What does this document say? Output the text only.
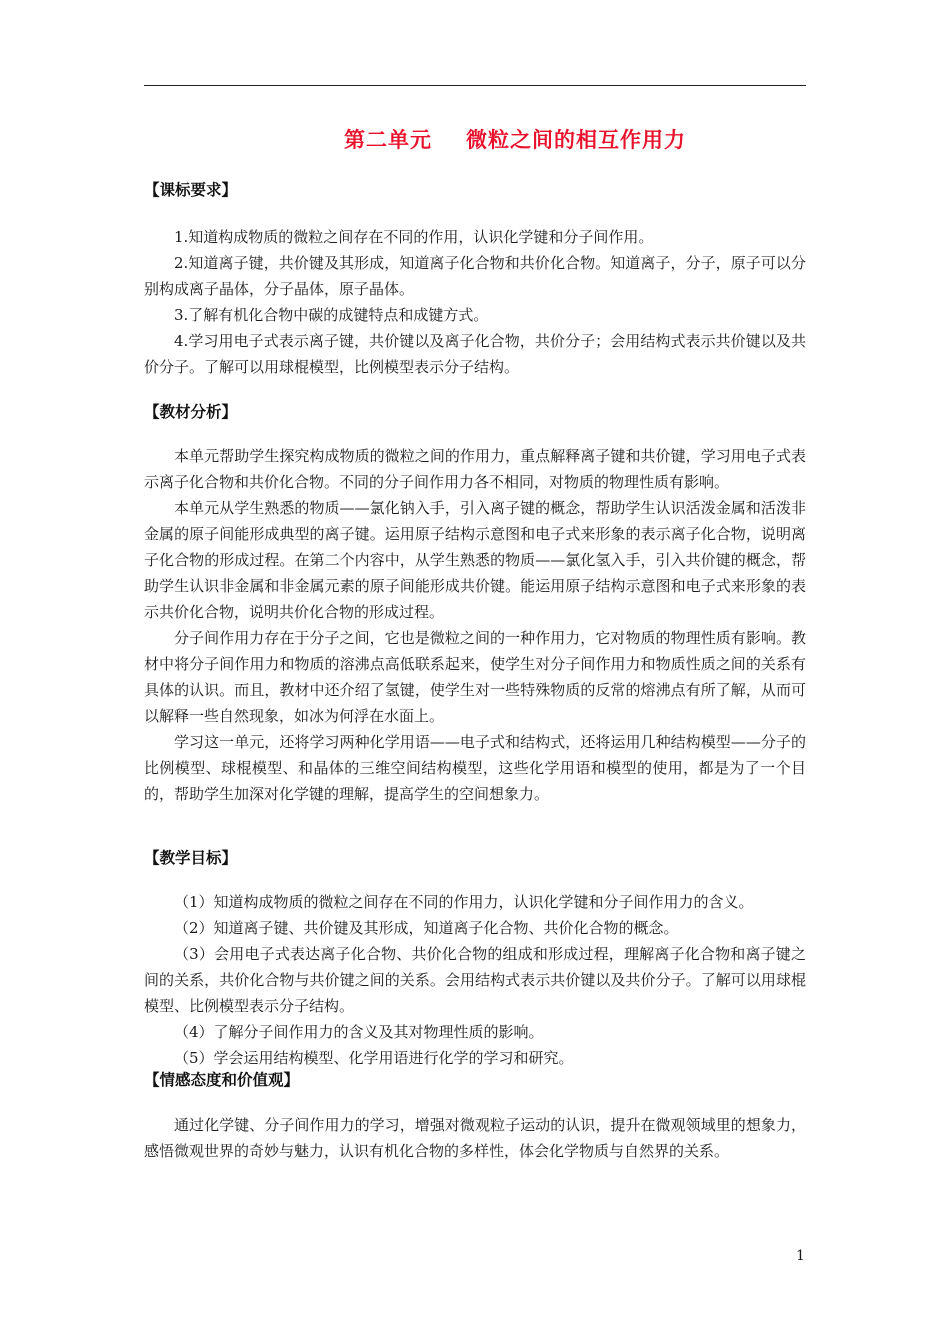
第二单元 微粒之间的相互作用力
【课标要求】

1.知道构成物质的微粒之间存在不同的作用，认识化学键和分子间作用。

2.知道离子键，共价键及其形成，知道离子化合物和共价化合物。知道离子，分子，原子可以分别构成离子晶体，分子晶体，原子晶体。

3.了解有机化合物中碳的成键特点和成键方式。

4.学习用电子式表示离子键，共价键以及离子化合物，共价分子；会用结构式表示共价键以及共价分子。了解可以用球棍模型，比例模型表示分子结构。

【教材分析】

本单元帮助学生探究构成物质的微粒之间的作用力，重点解释离子键和共价键，学习用电子式表示离子化合物和共价化合物。不同的分子间作用力各不相同，对物质的物理性质有影响。

本单元从学生熟悉的物质——氯化钠入手，引入离子键的概念，帮助学生认识活泼金属和活泼非金属的原子间能形成典型的离子键。运用原子结构示意图和电子式来形象的表示离子化合物，说明离子化合物的形成过程。在第二个内容中，从学生熟悉的物质——氯化氢入手，引入共价键的概念，帮助学生认识非金属和非金属元素的原子间能形成共价键。能运用原子结构示意图和电子式来形象的表示共价化合物，说明共价化合物的形成过程。

分子间作用力存在于分子之间，它也是微粒之间的一种作用力，它对物质的物理性质有影响。教材中将分子间作用力和物质的溶沸点高低联系起来，使学生对分子间作用力和物质性质之间的关系有具体的认识。而且，教材中还介绍了氢键，使学生对一些特殊物质的反常的熔沸点有所了解，从而可以解释一些自然现象，如冰为何浮在水面上。

学习这一单元，还将学习两种化学用语——电子式和结构式，还将运用几种结构模型——分子的比例模型、球棍模型、和晶体的三维空间结构模型，这些化学用语和模型的使用，都是为了一个目的，帮助学生加深对化学键的理解，提高学生的空间想象力。

【教学目标】

（1）知道构成物质的微粒之间存在不同的作用力，认识化学键和分子间作用力的含义。

（2）知道离子键、共价键及其形成，知道离子化合物、共价化合物的概念。

（3）会用电子式表达离子化合物、共价化合物的组成和形成过程，理解离子化合物和离子键之间的关系，共价化合物与共价键之间的关系。会用结构式表示共价键以及共价分子。了解可以用球棍模型、比例模型表示分子结构。

（4）了解分子间作用力的含义及其对物理性质的影响。

（5）学会运用结构模型、化学用语进行化学的学习和研究。

【情感态度和价值观】

通过化学键、分子间作用力的学习，增强对微观粒子运动的认识，提升在微观领域里的想象力，感悟微观世界的奇妙与魅力，认识有机化合物的多样性，体会化学物质与自然界的关系。

1
